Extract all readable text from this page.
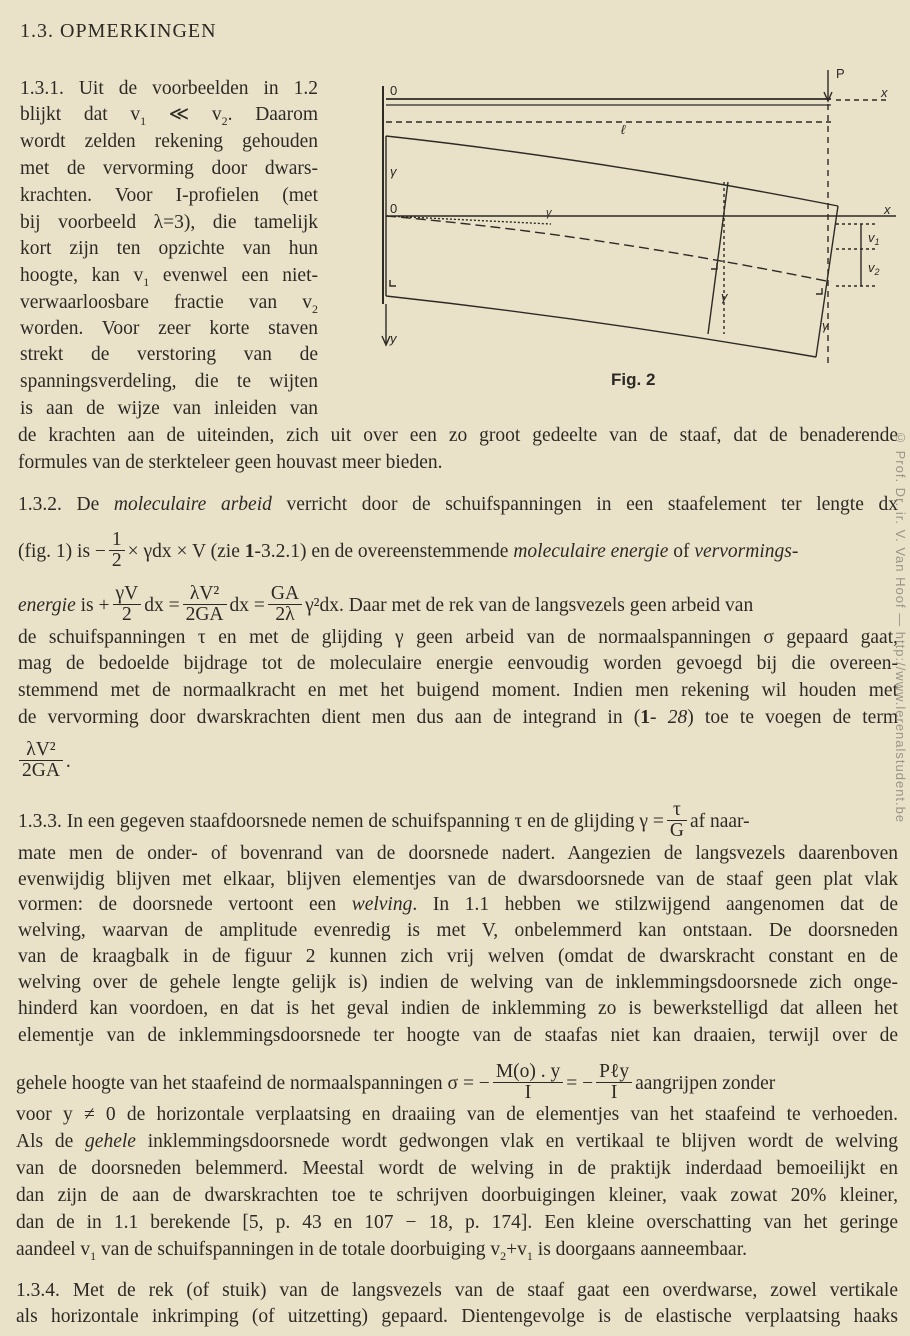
1.3. OPMERKINGEN
1.3.1. Uit de voorbeelden in 1.2
blijkt dat $v_1$ ≪ $v_2$. Daarom
wordt zelden rekening gehouden
met de vervorming door dwars-
krachten. Voor I-profielen (met
bij voorbeeld λ=3), die tamelijk
kort zijn ten opzichte van hun
hoogte, kan $v_1$ evenwel een niet-
verwaarloosbare fractie van $v_2$
worden. Voor zeer korte staven
strekt de verstoring van de
spanningsverdeling, die te wijten
is aan de wijze van inleiden van
de krachten aan de uiteinden, zich uit over een zo groot gedeelte van de staaf, dat de benaderende
formules van de sterkteleer geen houvast meer bieden.
0
P
x
ℓ
γ
0	x
γ
γ
γ
y
$v_1$
$v_2$
Fig. 2
1.3.2. De moleculaire arbeid verricht door de schuifspanningen in een staafelement ter lengte dx
(fig. 1) is − $\frac{1}{2} \times \gamma dx \times V$ (zie 1-3.2.1) en de overeenstemmende moleculaire energie of vervormings-
energie is + $\frac{\gamma V}{2}$ dx = $\frac{\text{λV²}}{2GA}$ dx = $\frac{GA}{2\lambda} \gamma^2dx$. Daar met de rek van de langsvezels geen arbeid van
de schuifspanningen τ en met de glijding γ geen arbeid van de normaalspanningen σ gepaard gaat,
mag de bedoelde bijdrage tot de moleculaire energie eenvoudig worden gevoegd bij die overeen-
stemmend met de normaalkracht en met het buigend moment. Indien men rekening wil houden met
de vervorming door dwarskrachten dient men dus aan de integrand in (1- 28) toe te voegen de term
$\frac{\text{λV²}}{2GA}$ .
1.3.3. In een gegeven staafdoorsnede nemen de schuifspanning τ en de glijding $\gamma = \frac{\tau}{G}$ af naar-
mate men de onder- of bovenrand van de doorsnede nadert. Aangezien de langsvezels daarenboven
evenwijdig blijven met elkaar, blijven elementjes van de dwarsdoorsnede van de staaf geen plat vlak
vormen: de doorsnede vertoont een welving. In 1.1 hebben we stilzwijgend aangenomen dat de
welving, waarvan de amplitude evenredig is met V, onbelemmerd kan ontstaan. De doorsneden
van de kraagbalk in de figuur 2 kunnen zich vrij welven (omdat de dwarskracht constant en de
welving over de gehele lengte gelijk is) indien de welving van de inklemmingsdoorsnede zich onge-
hinderd kan voordoen, en dat is het geval indien de inklemming zo is bewerkstelligd dat alleen het
elementje van de inklemmingsdoorsnede ter hoogte van de staafas niet kan draaien, terwijl over de
gehele hoogte van het staafeind de normaalspanningen σ = − $\frac{M(o) . y}{I}$ = − $\frac{\text{Pℓy}}{I}$ aangrijpen zonder
voor y ≠ 0 de horizontale verplaatsing en draaiing van de elementjes van het staafeind te verhoeden.
Als de gehele inklemmingsdoorsnede wordt gedwongen vlak en vertikaal te blijven wordt de welving
van de doorsneden belemmerd. Meestal wordt de welving in de praktijk inderdaad bemoeilijkt en
dan zijn de aan de dwarskrachten toe te schrijven doorbuigingen kleiner, vaak zowat 20% kleiner,
dan de in 1.1 berekende [5, p. 43 en 107 − 18, p. 174]. Een kleine overschatting van het geringe
aandeel $v_1$ van de schuifspanningen in de totale doorbuiging $v_2+v_1$ is doorgaans aanneembaar.
1.3.4. Met de rek (of stuik) van de langsvezels van de staaf gaat een overdwarse, zowel vertikale
als horizontale inkrimping (of uitzetting) gepaard. Dientengevolge is de elastische verplaatsing haaks
© Prof. Dr. ir. V. Van Hoof — http://www.lerenalstudent.be
